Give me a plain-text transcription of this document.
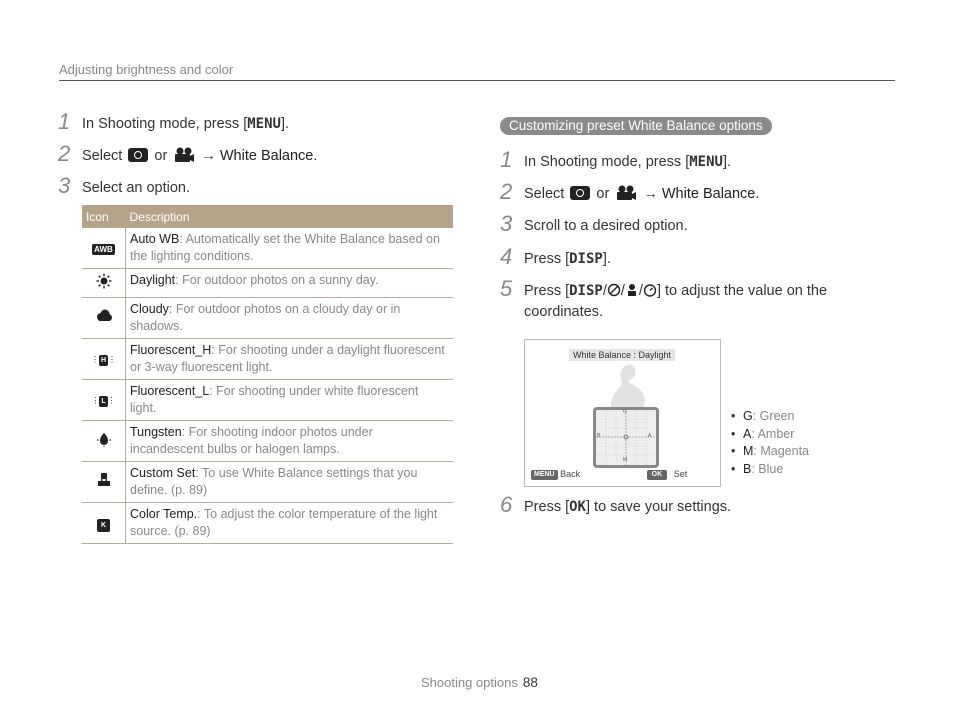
Adjusting brightness and color
1 In Shooting mode, press [MENU].
2 Select or → White Balance.
3 Select an option.
Icon	Description
AWB	Auto WB: Automatically set the White Balance based on the lighting conditions.
	Daylight: For outdoor photos on a sunny day.
	Cloudy: For outdoor photos on a cloudy day or in shadows.
⋮ H ⋮	Fluorescent_H: For shooting under a daylight fluorescent or 3-way fluorescent light.
⋮ L ⋮	Fluorescent_L: For shooting under white fluorescent light.
	Tungsten: For shooting indoor photos under incandescent bulbs or halogen lamps.
	Custom Set: To use White Balance settings that you define. (p. 89)
K	Color Temp.: To adjust the color temperature of the light source. (p. 89)
Customizing preset White Balance options
1 In Shooting mode, press [MENU].
2 Select or → White Balance.
3 Scroll to a desired option.
4 Press [DISP].
5 Press [DISP/ / / ] to adjust the value on the coordinates.
White Balance : Daylight
G
A
B
M
MENU Back	OK Set
• G: Green
• A: Amber
• M: Magenta
• B: Blue
6 Press [OK] to save your settings.
Shooting options 88
